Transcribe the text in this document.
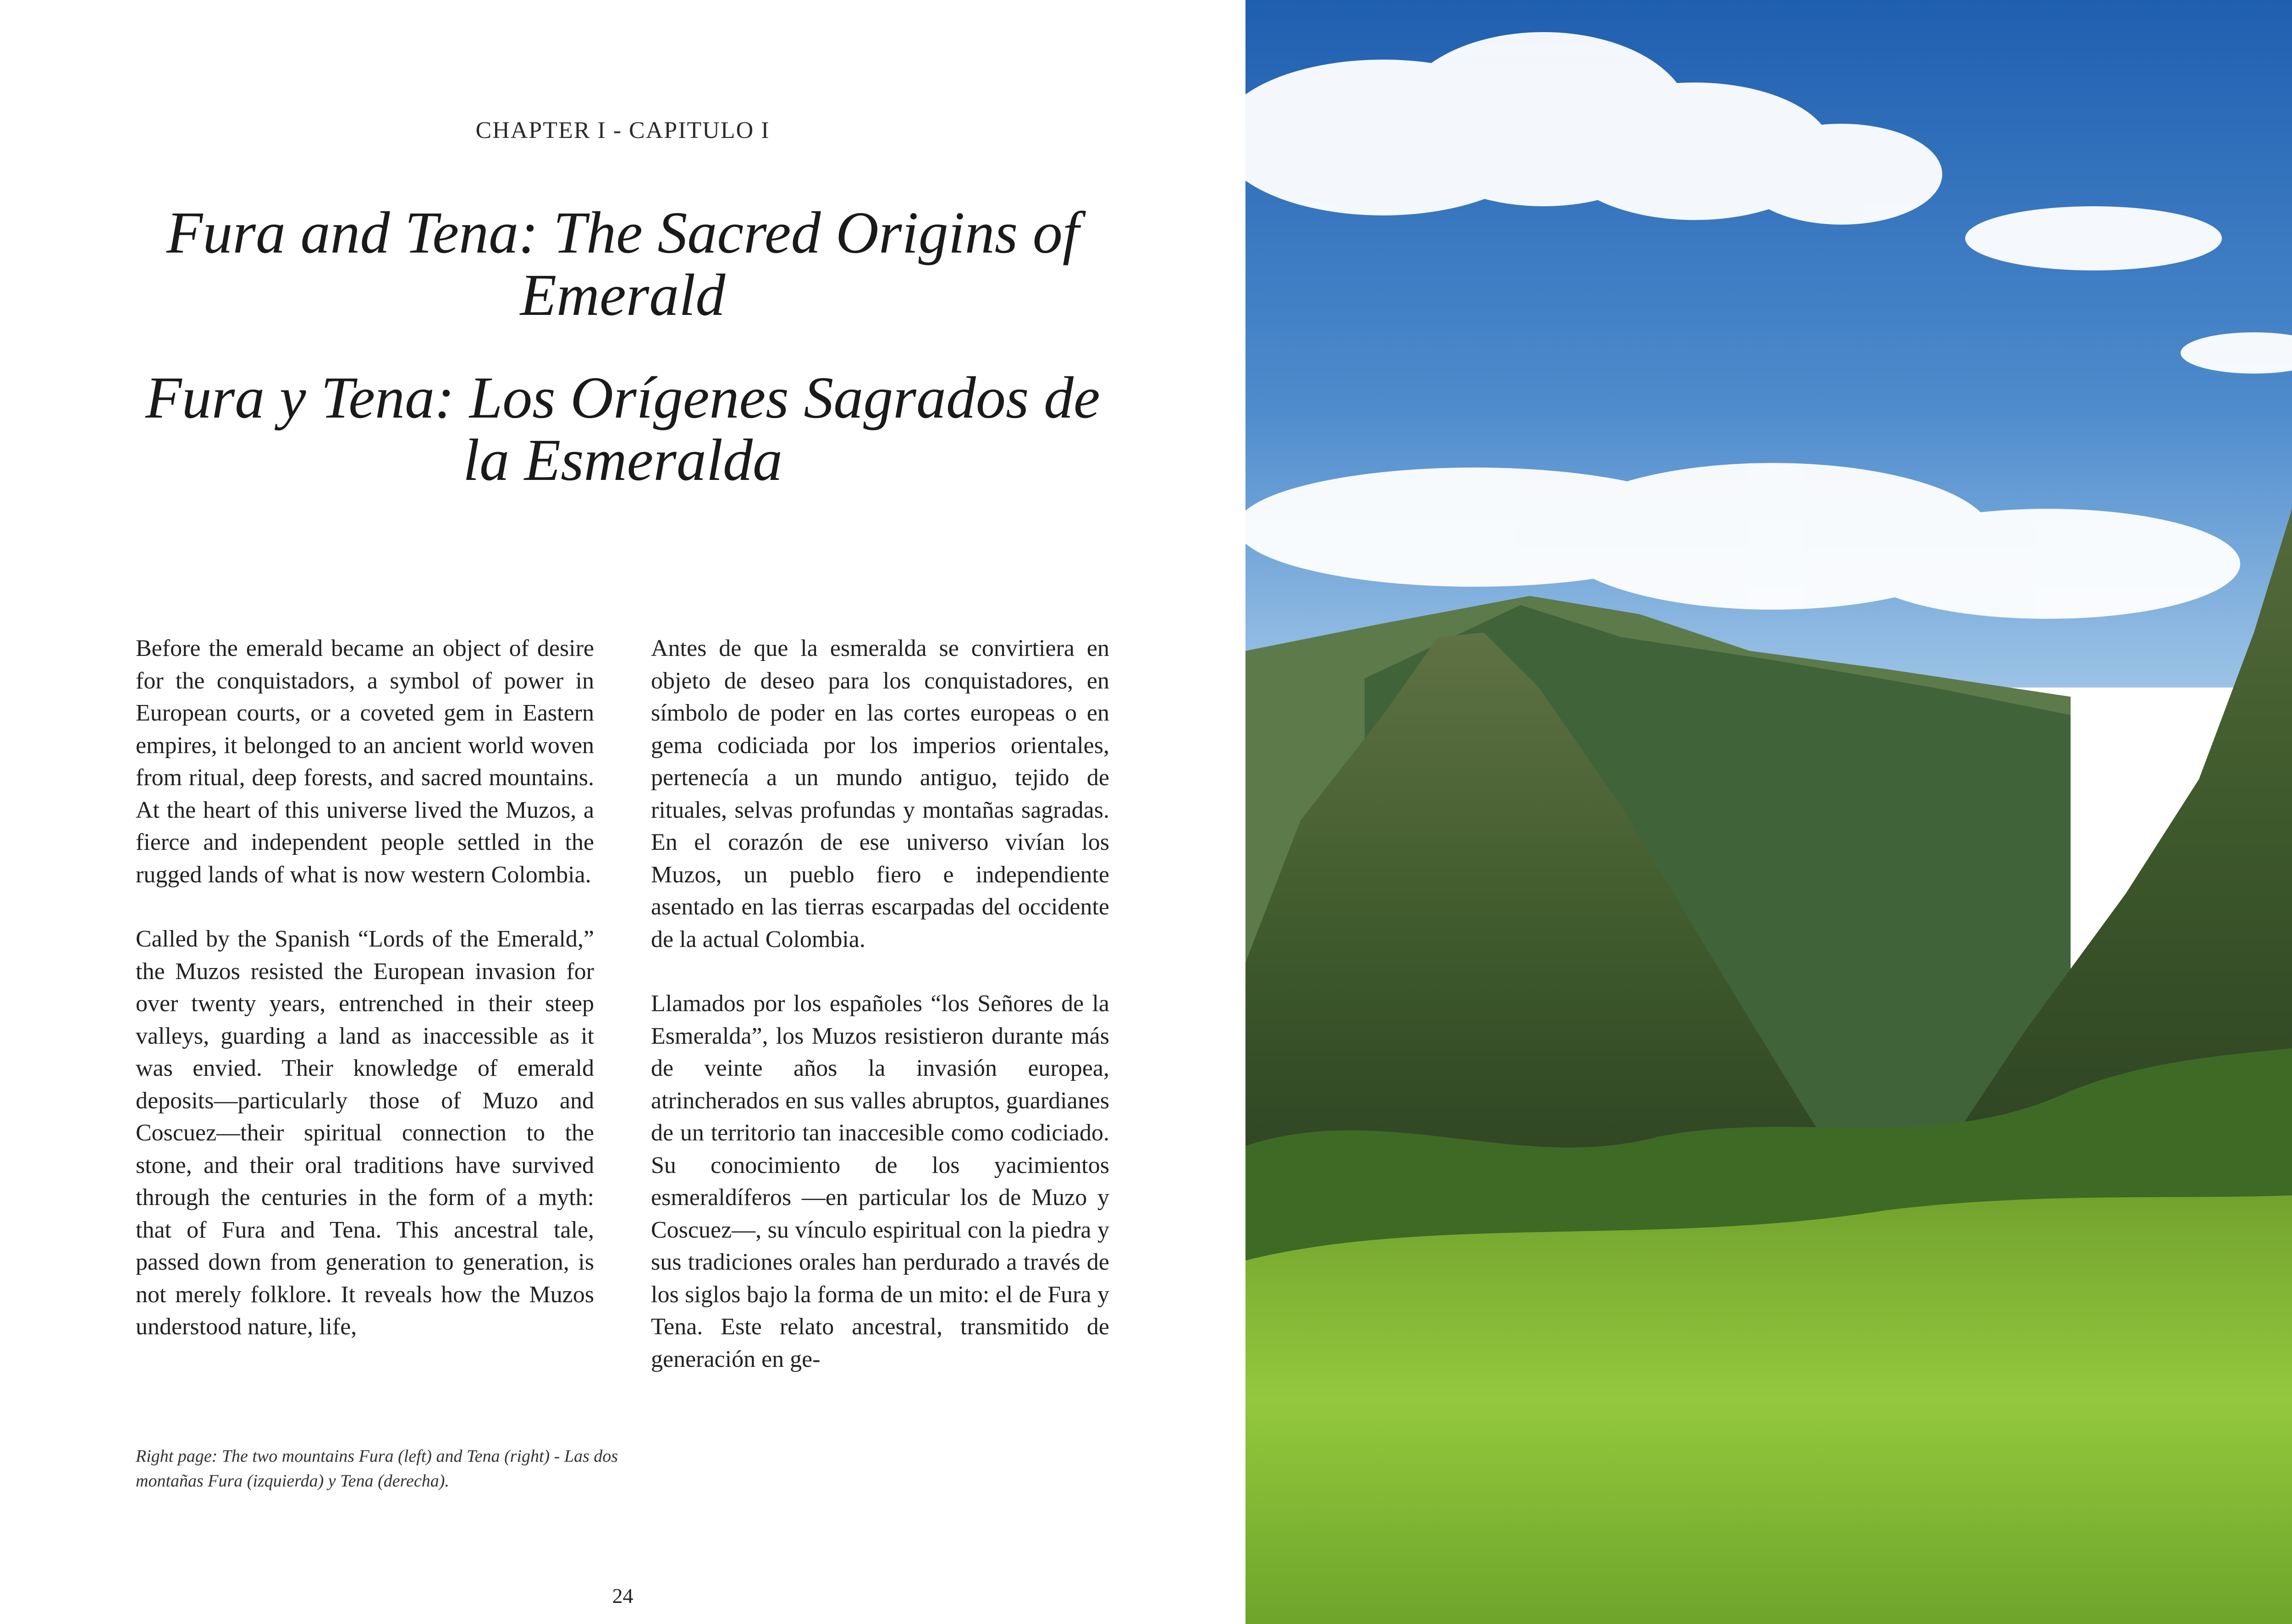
CHAPTER I - CAPITULO I
Fura and Tena: The Sacred Origins of Emerald
Fura y Tena: Los Orígenes Sagrados de la Esmeralda

Before the emerald became an object of desire for the conquistadors, a symbol of power in European courts, or a coveted gem in Eastern empires, it belonged to an ancient world woven from ritual, deep forests, and sacred mountains. At the heart of this universe lived the Muzos, a fierce and independent people settled in the rugged lands of what is now western Colombia.

Called by the Spanish “Lords of the Emerald,” the Muzos resisted the European invasion for over twenty years, entrenched in their steep valleys, guarding a land as inaccessible as it was envied. Their knowledge of emerald deposits—particularly those of Muzo and Coscuez—their spiritual connection to the stone, and their oral traditions have survived through the centuries in the form of a myth: that of Fura and Tena. This ancestral tale, passed down from generation to generation, is not merely folklore. It reveals how the Muzos understood nature, life,

Antes de que la esmeralda se convirtiera en objeto de deseo para los conquistadores, en símbolo de poder en las cortes europeas o en gema codiciada por los imperios orientales, pertenecía a un mundo antiguo, tejido de rituales, selvas profundas y montañas sagradas. En el corazón de ese universo vivían los Muzos, un pueblo fiero e independiente asentado en las tierras escarpadas del occidente de la actual Colombia.

Llamados por los españoles “los Señores de la Esmeralda”, los Muzos resistieron durante más de veinte años la invasión europea, atrincherados en sus valles abruptos, guardianes de un territorio tan inaccesible como codiciado. Su conocimiento de los yacimientos esmeraldíferos —en particular los de Muzo y Coscuez—, su vínculo espiritual con la piedra y sus tradiciones orales han perdurado a través de los siglos bajo la forma de un mito: el de Fura y Tena. Este relato ancestral, transmitido de generación en ge-

Right page: The two mountains Fura (left) and Tena (right) - Las dos montañas Fura (izquierda) y Tena (derecha).
24
